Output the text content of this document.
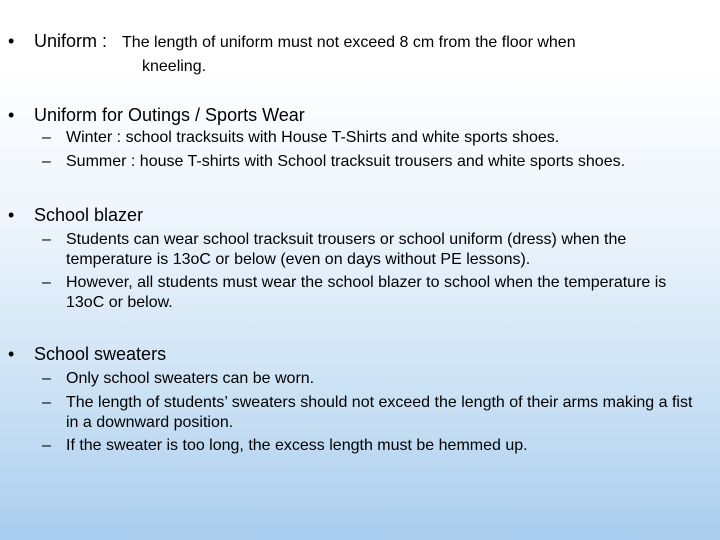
• Uniform : The length of uniform must not exceed 8 cm from the floor when
kneeling.
• Uniform for Outings / Sports Wear
– Winter : school tracksuits with House T-Shirts and white sports shoes.
– Summer : house T-shirts with School tracksuit trousers and white sports shoes.
• School blazer
– Students can wear school tracksuit trousers or school uniform (dress) when the temperature is 13oC or below (even on days without PE lessons).
– However, all students must wear the school blazer to school when the temperature is 13oC or below.
• School sweaters
– Only school sweaters can be worn.
– The length of students’ sweaters should not exceed the length of their arms making a fist in a downward position.
– If the sweater is too long, the excess length must be hemmed up.
